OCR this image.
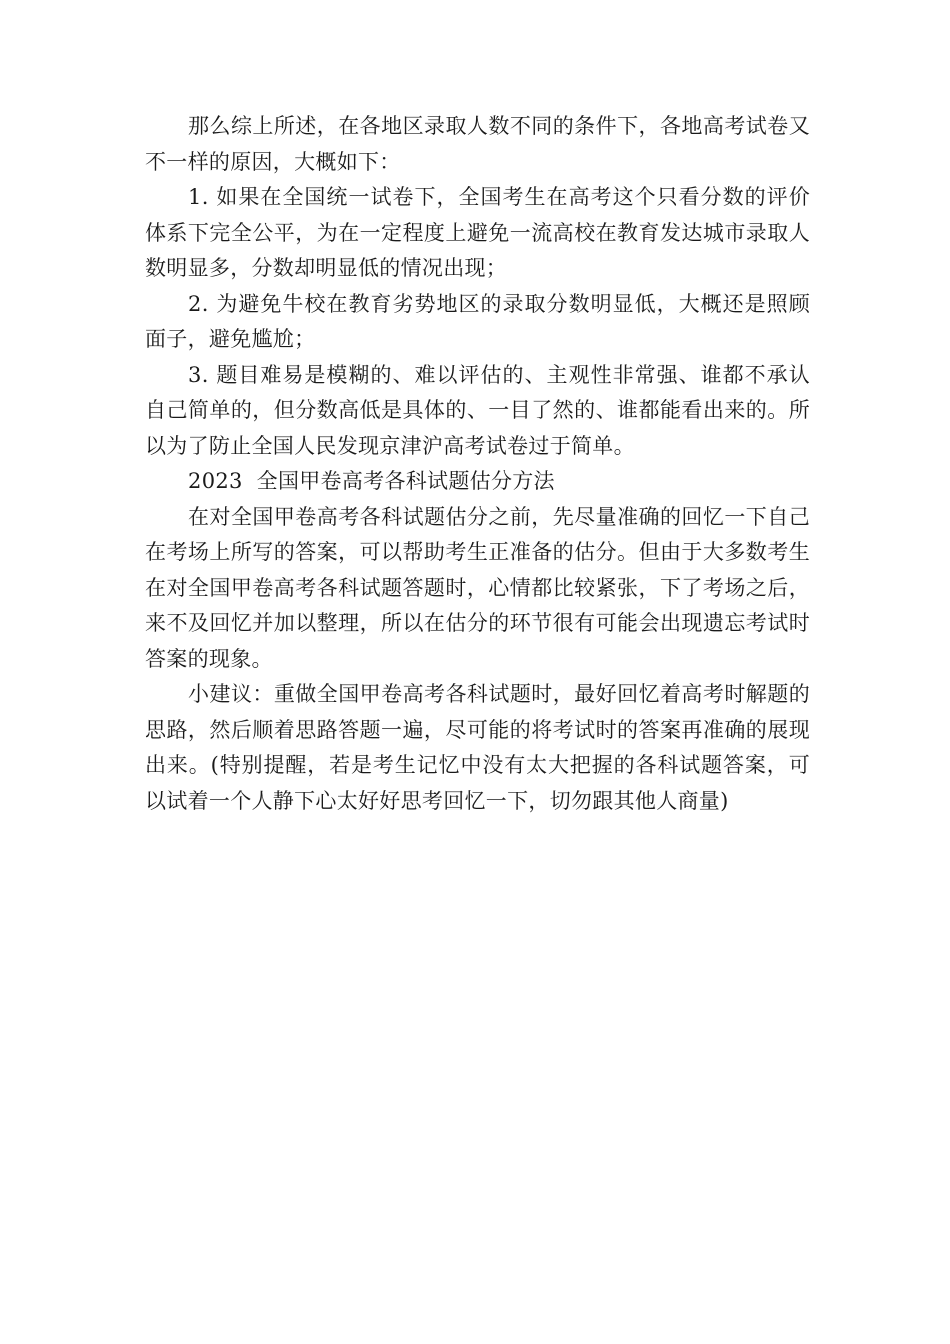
那么综上所述，在各地区录取人数不同的条件下，各地高考试卷又不一样的原因，大概如下：

1. 如果在全国统一试卷下，全国考生在高考这个只看分数的评价体系下完全公平，为在一定程度上避免一流高校在教育发达城市录取人数明显多，分数却明显低的情况出现；

2. 为避免牛校在教育劣势地区的录取分数明显低，大概还是照顾面子，避免尴尬；

3. 题目难易是模糊的、难以评估的、主观性非常强、谁都不承认自己简单的，但分数高低是具体的、一目了然的、谁都能看出来的。所以为了防止全国人民发现京津沪高考试卷过于简单。

2023  全国甲卷高考各科试题估分方法

在对全国甲卷高考各科试题估分之前，先尽量准确的回忆一下自己在考场上所写的答案，可以帮助考生正准备的估分。但由于大多数考生在对全国甲卷高考各科试题答题时，心情都比较紧张，下了考场之后，来不及回忆并加以整理，所以在估分的环节很有可能会出现遗忘考试时答案的现象。

小建议：重做全国甲卷高考各科试题时，最好回忆着高考时解题的思路，然后顺着思路答题一遍，尽可能的将考试时的答案再准确的展现出来。(特别提醒，若是考生记忆中没有太大把握的各科试题答案，可以试着一个人静下心太好好思考回忆一下，切勿跟其他人商量)
